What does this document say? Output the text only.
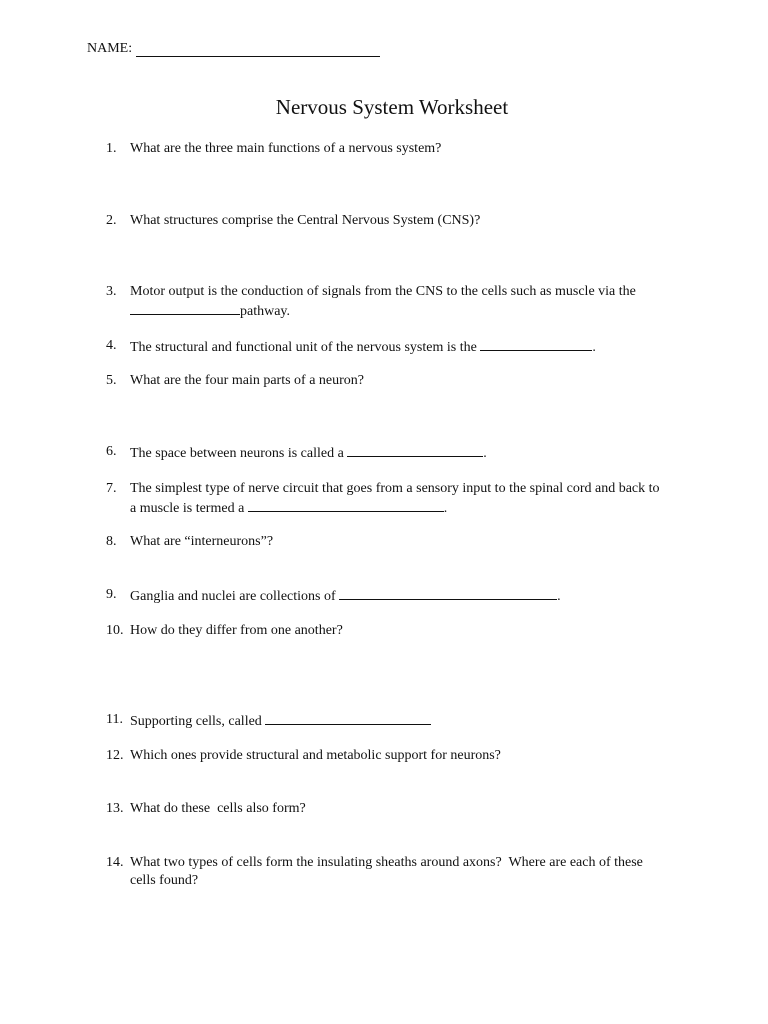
NAME:
Nervous System Worksheet
1. What are the three main functions of a nervous system?
2. What structures comprise the Central Nervous System (CNS)?
3. Motor output is the conduction of signals from the CNS to the cells such as muscle via the
pathway.
4. The structural and functional unit of the nervous system is the	.
5. What are the four main parts of a neuron?
6. The space between neurons is called a	.
7. The simplest type of nerve circuit that goes from a sensory input to the spinal cord and back to
a muscle is termed a	.
8. What are “interneurons”?
9. Ganglia and nuclei are collections of	.
10. How do they differ from one another?
11. Supporting cells, called
12. Which ones provide structural and metabolic support for neurons?
13. What do these  cells also form?
14. What two types of cells form the insulating sheaths around axons?  Where are each of these
cells found?
